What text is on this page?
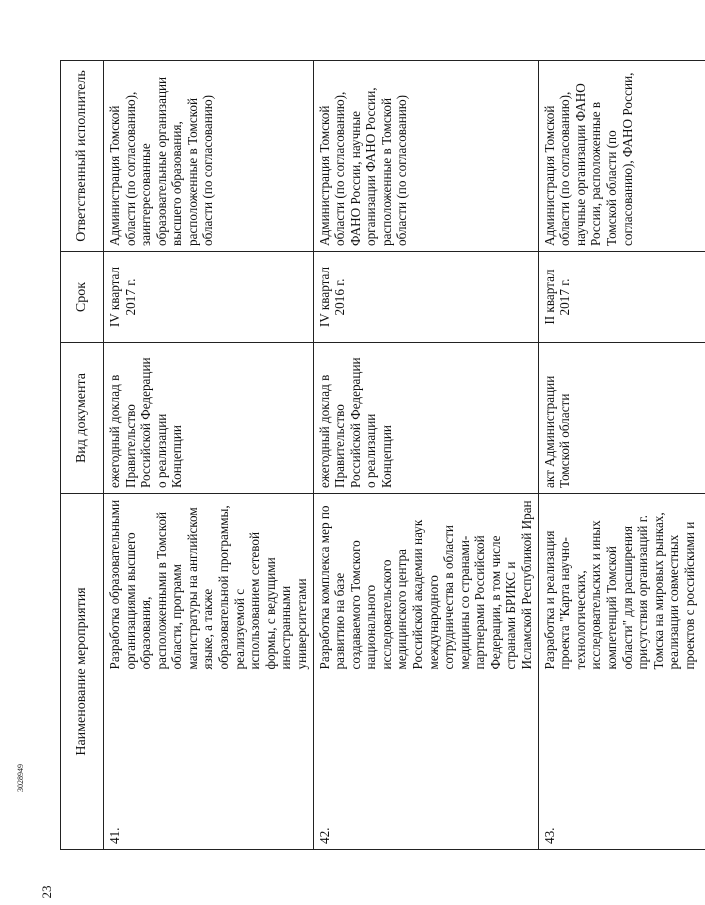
23
3028949
Наименование мероприятия		Вид документа	Срок	Ответственный исполнитель
41.	Разработка образовательными организациями высшего образования, расположенными в Томской области, программ магистратуры на английском языке, а также образовательной программы, реализуемой с использованием сетевой формы, с ведущими иностранными университетами	ежегодный доклад в Правительство Российской Федерации о реализации Концепции	IV квартал 2017 г.	Администрация Томской области (по согласованию), заинтересованные образовательные организации высшего образования, расположенные в Томской области (по согласованию)
42.	Разработка комплекса мер по развитию на базе создаваемого Томского национального исследовательского медицинского центра Российской академии наук международного сотрудничества в области медицины со странами-партнерами Российской Федерации, в том числе странами БРИКС и Исламской Республикой Иран	ежегодный доклад в Правительство Российской Федерации о реализации Концепции	IV квартал 2016 г.	Администрация Томской области (по согласованию), ФАНО России, научные организации ФАНО России, расположенные в Томской области (по согласованию)
43.	Разработка и реализация проекта "Карта научно-технологических, исследовательских и иных компетенций Томской области" для расширения присутствия организаций г. Томска на мировых рынках, реализации совместных проектов с российскими и	акт Администрации Томской области	II квартал 2017 г.	Администрация Томской области (по согласованию), научные организации ФАНО России, расположенные в Томской области (по согласованию), ФАНО России,
